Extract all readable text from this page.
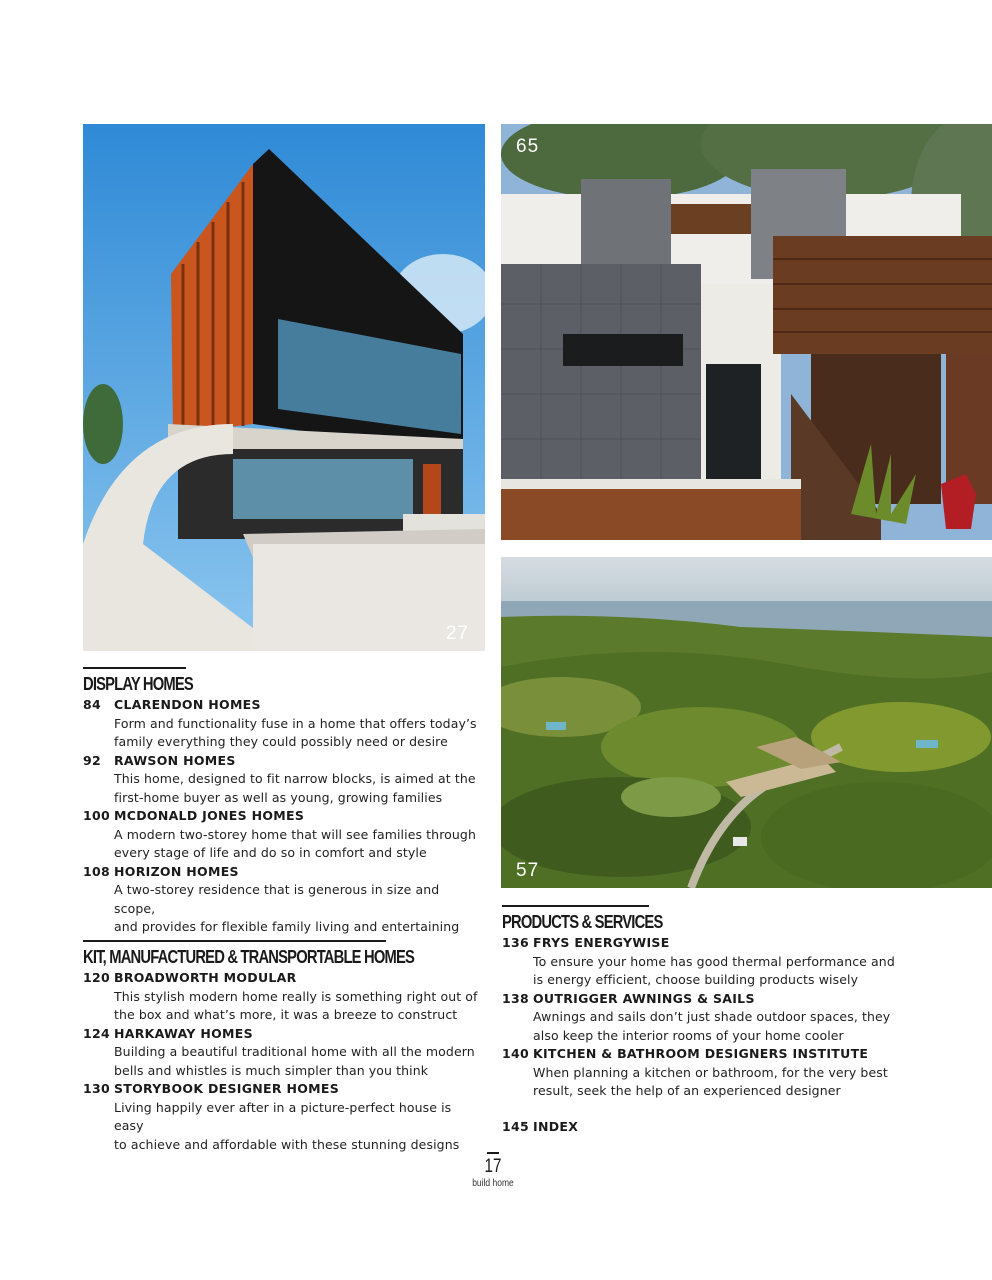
27
65
57
DISPLAY HOMES
84	CLARENDON HOMES
Form and functionality fuse in a home that offers today’s
family everything they could possibly need or desire
92	RAWSON HOMES
This home, designed to fit narrow blocks, is aimed at the
first-home buyer as well as young, growing families
100 MCDONALD JONES HOMES
A modern two-storey home that will see families through
every stage of life and do so in comfort and style
108 HORIZON HOMES
A two-storey residence that is generous in size and scope,
and provides for flexible family living and entertaining
KIT, MANUFACTURED & TRANSPORTABLE HOMES
120 BROADWORTH MODULAR
This stylish modern home really is something right out of
the box and what’s more, it was a breeze to construct
124 HARKAWAY HOMES
Building a beautiful traditional home with all the modern
bells and whistles is much simpler than you think
130 STORYBOOK DESIGNER HOMES
Living happily ever after in a picture-perfect house is easy
to achieve and affordable with these stunning designs
PRODUCTS & SERVICES
136 FRYS ENERGYWISE
To ensure your home has good thermal performance and
is energy efficient, choose building products wisely
138 OUTRIGGER AWNINGS & SAILS
Awnings and sails don’t just shade outdoor spaces, they
also keep the interior rooms of your home cooler
140 KITCHEN & BATHROOM DESIGNERS INSTITUTE
When planning a kitchen or bathroom, for the very best
result, seek the help of an experienced designer
145 INDEX
17
build home
